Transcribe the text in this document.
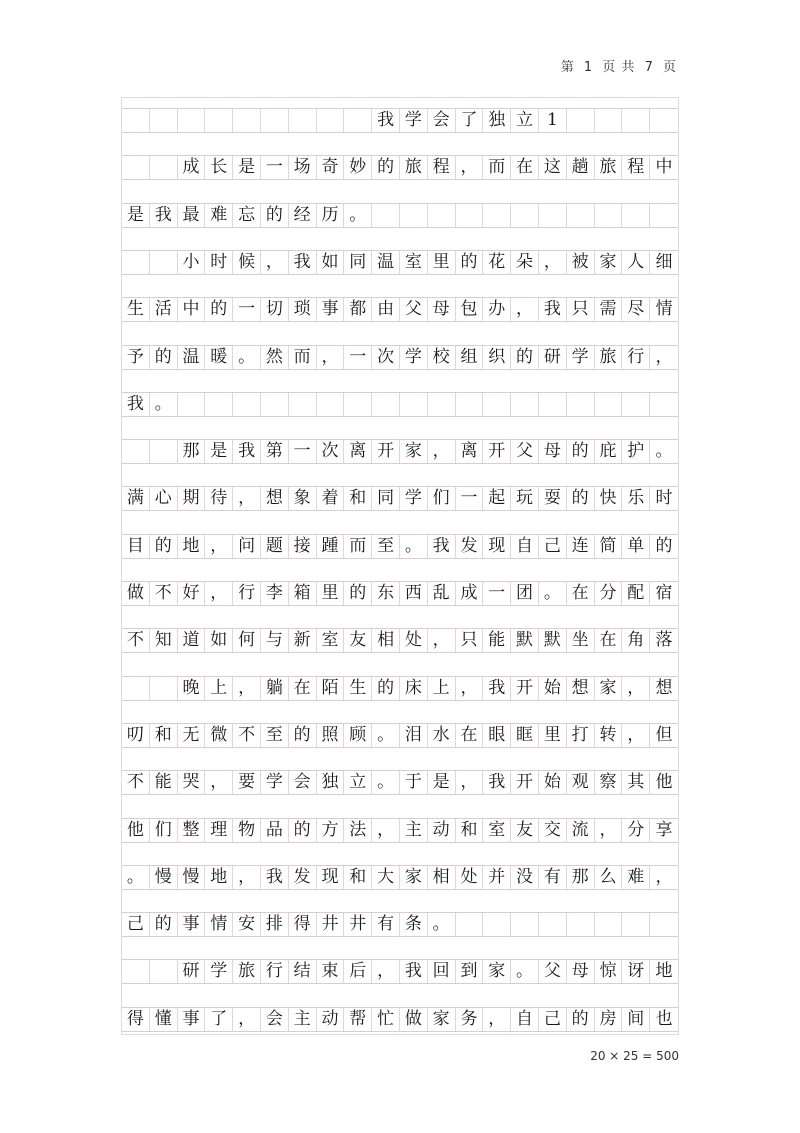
第 1 页 共 7 页
我 学 会 了 独 立 1
成 长 是 一 场 奇 妙 的 旅 程 ， 而 在 这 趟 旅 程 中
是 我 最 难 忘 的 经 历 。
小 时 候 ， 我 如 同 温 室 里 的 花 朵 ， 被 家 人 细
生 活 中 的 一 切 琐 事 都 由 父 母 包 办 ， 我 只 需 尽 情
予 的 温 暖 。 然 而 ， 一 次 学 校 组 织 的 研 学 旅 行 ，
我 。
那 是 我 第 一 次 离 开 家 ， 离 开 父 母 的 庇 护 。
满 心 期 待 ， 想 象 着 和 同 学 们 一 起 玩 耍 的 快 乐 时
目 的 地 ， 问 题 接 踵 而 至 。 我 发 现 自 己 连 简 单 的
做 不 好 ， 行 李 箱 里 的 东 西 乱 成 一 团 。 在 分 配 宿
不 知 道 如 何 与 新 室 友 相 处 ， 只 能 默 默 坐 在 角 落
晚 上 ， 躺 在 陌 生 的 床 上 ， 我 开 始 想 家 ， 想
叨 和 无 微 不 至 的 照 顾 。 泪 水 在 眼 眶 里 打 转 ， 但
不 能 哭 ， 要 学 会 独 立 。 于 是 ， 我 开 始 观 察 其 他
他 们 整 理 物 品 的 方 法 ， 主 动 和 室 友 交 流 ， 分 享
。 慢 慢 地 ， 我 发 现 和 大 家 相 处 并 没 有 那 么 难 ，
己 的 事 情 安 排 得 井 井 有 条 。
研 学 旅 行 结 束 后 ， 我 回 到 家 。 父 母 惊 讶 地
得 懂 事 了 ， 会 主 动 帮 忙 做 家 务 ， 自 己 的 房 间 也
20 × 25 = 500
